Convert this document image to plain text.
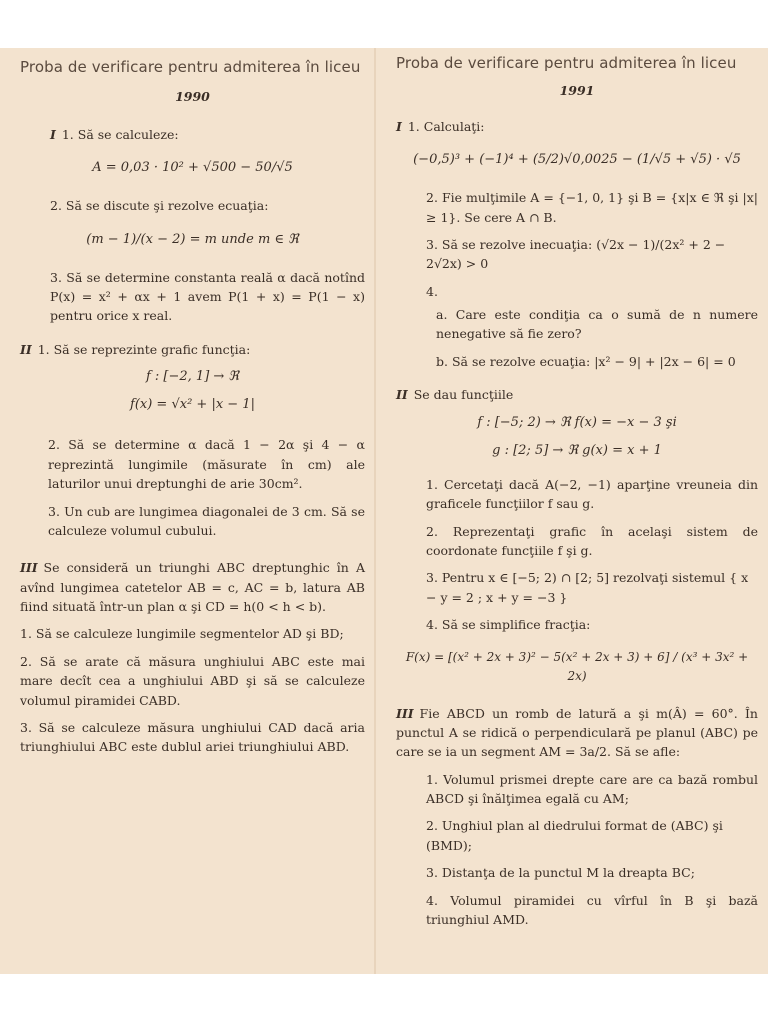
Proba de verificare pentru admiterea în liceu
1990

I 1. Să se calculeze:

A = 0,03 · 10² + √500 − 50/√5

2. Să se discute şi rezolve ecuaţia:

(m − 1)/(x − 2) = m unde m ∈ ℜ

3. Să se determine constanta reală α dacă notînd P(x) = x² + αx + 1 avem P(1 + x) = P(1 − x) pentru orice x real.

II 1. Să se reprezinte grafic funcţia:

f : [−2, 1] → ℜ
f(x) = √x² + |x − 1|

2. Să se determine α dacă 1 − 2α şi 4 − α reprezintă lungimile (măsurate în cm) ale laturilor unui dreptunghi de arie 30cm².

3. Un cub are lungimea diagonalei de 3 cm. Să se calculeze volumul cubului.

III Se consideră un triunghi ABC dreptunghic în A avînd lungimea catetelor AB = c, AC = b, latura AB fiind situată într-un plan α şi CD = h(0 < h < b).

1. Să se calculeze lungimile segmentelor AD şi BD;

2. Să se arate că măsura unghiului ABC este mai mare decît cea a unghiului ABD şi să se calculeze volumul piramidei CABD.

3. Să se calculeze măsura unghiului CAD dacă aria triunghiului ABC este dublul ariei triunghiului ABD.

Proba de verificare pentru admiterea în liceu
1991

I 1. Calculaţi:

(−0,5)³ + (−1)⁴ + (5/2)√0,0025 − (1/√5 + √5) · √5

2. Fie mulţimile A = {−1, 0, 1} şi B = {x|x ∈ ℜ şi |x| ≥ 1}. Se cere A ∩ B.

3. Să se rezolve inecuaţia: (√2x − 1)/(2x² + 2 − 2√2x) > 0

4.

a. Care este condiţia ca o sumă de n numere nenegative să fie zero?

b. Să se rezolve ecuaţia: |x² − 9| + |2x − 6| = 0

II Se dau funcţiile

f : [−5; 2) → ℜ f(x) = −x − 3 şi
g : [2; 5] → ℜ g(x) = x + 1

1. Cercetaţi dacă A(−2, −1) aparţine vreuneia din graficele funcţiilor f sau g.

2. Reprezentaţi grafic în acelaşi sistem de coordonate funcţiile f şi g.

3. Pentru x ∈ [−5; 2) ∩ [2; 5] rezolvaţi sistemul { x − y = 2 ; x + y = −3 }

4. Să se simplifice fracţia:

F(x) = [(x² + 2x + 3)² − 5(x² + 2x + 3) + 6] / (x³ + 3x² + 2x)

III Fie ABCD un romb de latură a şi m(Â) = 60°. În punctul A se ridică o perpendiculară pe planul (ABC) pe care se ia un segment AM = 3a/2. Să se afle:

1. Volumul prismei drepte care are ca bază rombul ABCD şi înălţimea egală cu AM;

2. Unghiul plan al diedrului format de (ABC) şi (BMD);

3. Distanţa de la punctul M la dreapta BC;

4. Volumul piramidei cu vîrful în B şi bază triunghiul AMD.
